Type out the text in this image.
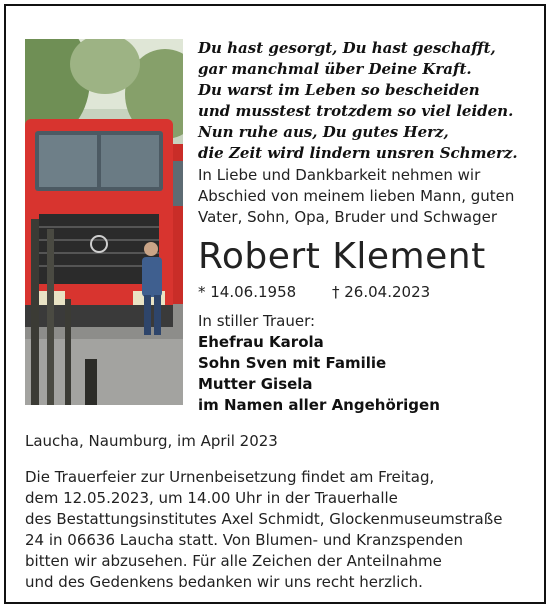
Du hast gesorgt, Du hast geschafft,
gar manchmal über Deine Kraft.
Du warst im Leben so bescheiden
und musstest trotzdem so viel leiden.
Nun ruhe aus, Du gutes Herz,
die Zeit wird lindern unsren Schmerz.
In Liebe und Dankbarkeit nehmen wir
Abschied von meinem lieben Mann, guten
Vater, Sohn, Opa, Bruder und Schwager
Robert Klement
* 14.06.1958 † 26.04.2023
In stiller Trauer:
Ehefrau Karola
Sohn Sven mit Familie
Mutter Gisela
im Namen aller Angehörigen
Laucha, Naumburg, im April 2023
Die Trauerfeier zur Urnenbeisetzung findet am Freitag,
dem 12.05.2023, um 14.00 Uhr in der Trauerhalle
des Bestattungsinstitutes Axel Schmidt, Glockenmuseumstraße
24 in 06636 Laucha statt. Von Blumen- und Kranzspenden
bitten wir abzusehen. Für alle Zeichen der Anteilnahme
und des Gedenkens bedanken wir uns recht herzlich.
